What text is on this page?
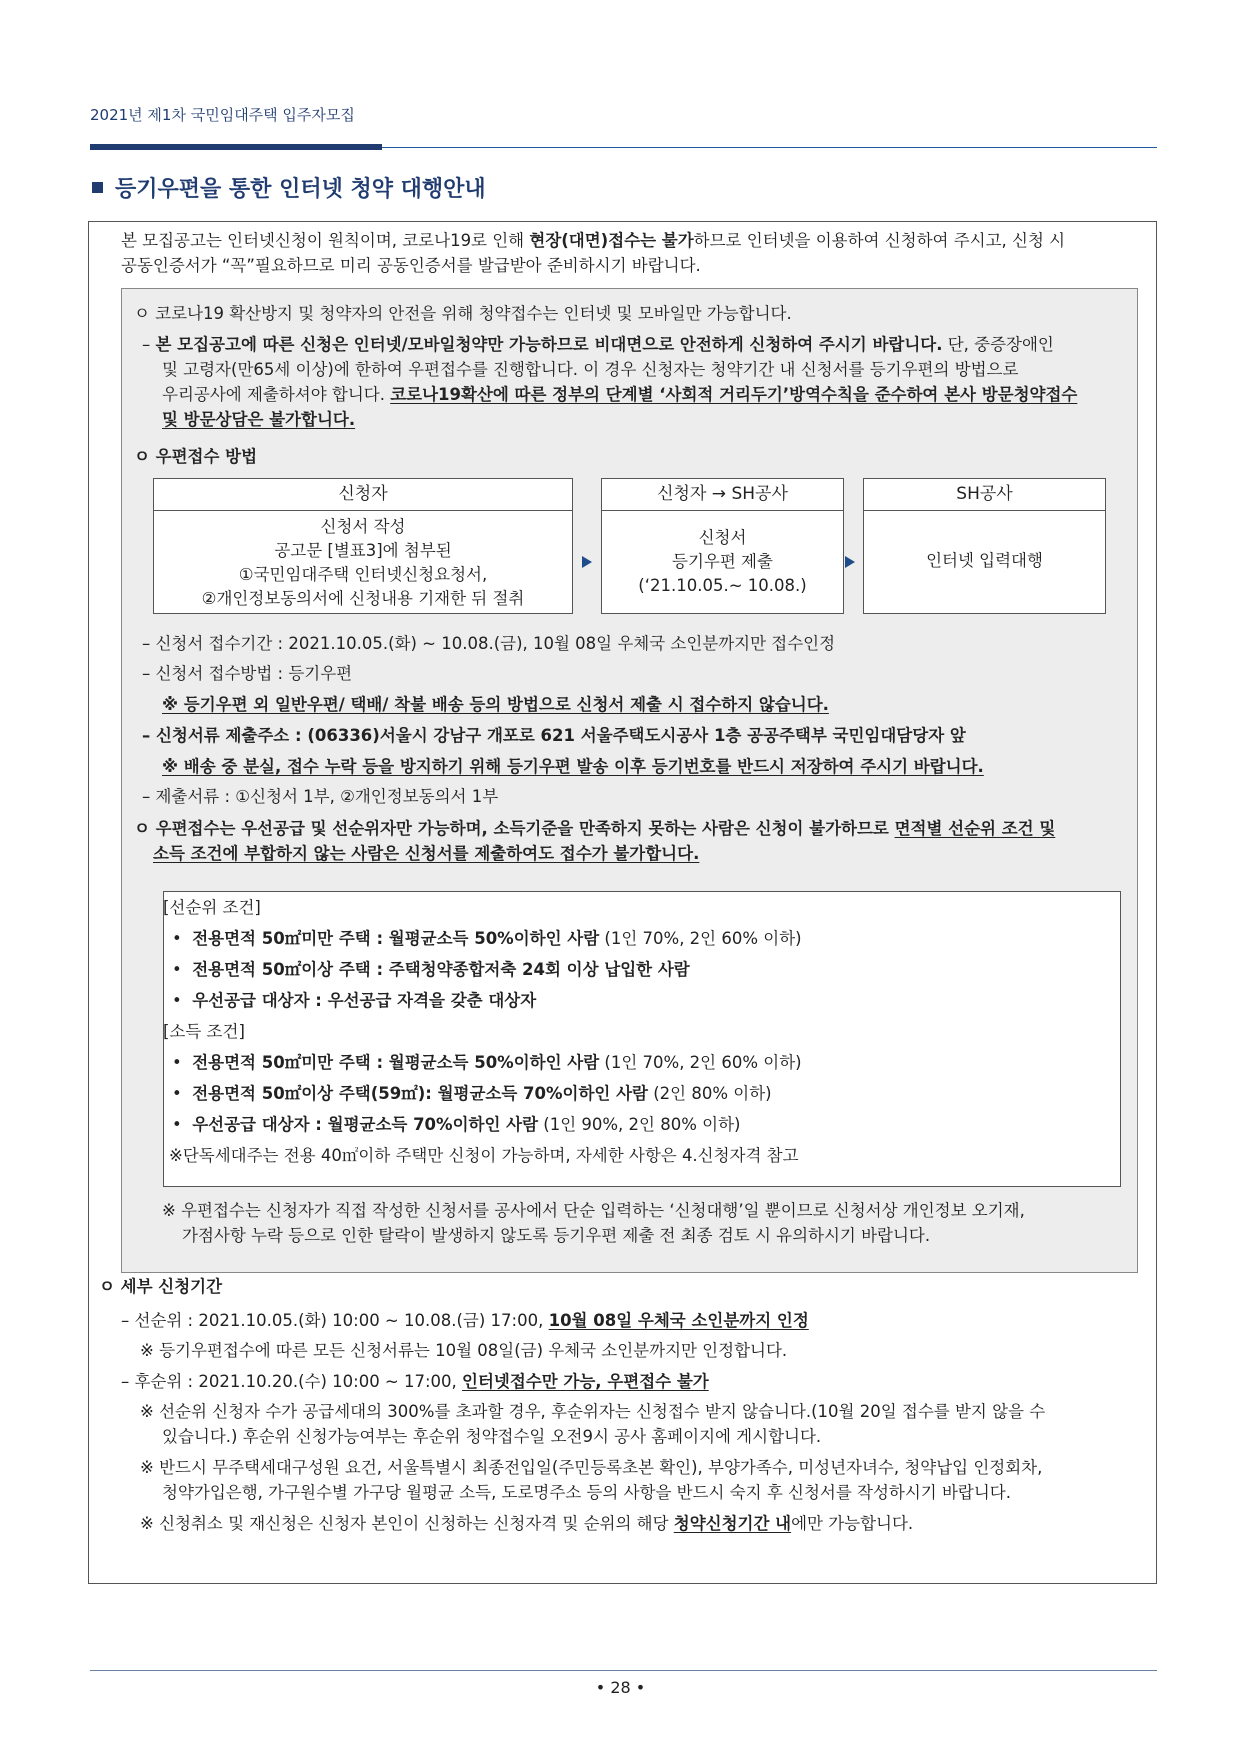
2021년 제1차 국민임대주택 입주자모집
등기우편을 통한 인터넷 청약 대행안내
본 모집공고는 인터넷신청이 원칙이며, 코로나19로 인해 현장(대면)접수는 불가하므로 인터넷을 이용하여 신청하여 주시고, 신청 시
공동인증서가 “꼭”필요하므로 미리 공동인증서를 발급받아 준비하시기 바랍니다.
ㅇ 코로나19 확산방지 및 청약자의 안전을 위해 청약접수는 인터넷 및 모바일만 가능합니다.
– 본 모집공고에 따른 신청은 인터넷/모바일청약만 가능하므로 비대면으로 안전하게 신청하여 주시기 바랍니다. 단, 중증장애인
및 고령자(만65세 이상)에 한하여 우편접수를 진행합니다. 이 경우 신청자는 청약기간 내 신청서를 등기우편의 방법으로
우리공사에 제출하셔야 합니다. 코로나19확산에 따른 정부의 단계별 ‘사회적 거리두기’방역수칙을 준수하여 본사 방문청약접수
및 방문상담은 불가합니다.
ㅇ 우편접수 방법
신청자
신청서 작성
공고문 [별표3]에 첨부된
①국민임대주택 인터넷신청요청서,
②개인정보동의서에 신청내용 기재한 뒤 절취
신청자 → SH공사
신청서
등기우편 제출
(‘21.10.05.~ 10.08.)
SH공사
인터넷 입력대행
– 신청서 접수기간 : 2021.10.05.(화) ~ 10.08.(금), 10월 08일 우체국 소인분까지만 접수인정
– 신청서 접수방법 : 등기우편
※ 등기우편 외 일반우편/ 택배/ 착불 배송 등의 방법으로 신청서 제출 시 접수하지 않습니다.
– 신청서류 제출주소 : (06336)서울시 강남구 개포로 621 서울주택도시공사 1층 공공주택부 국민임대담당자 앞
※ 배송 중 분실, 접수 누락 등을 방지하기 위해 등기우편 발송 이후 등기번호를 반드시 저장하여 주시기 바랍니다.
– 제출서류 : ①신청서 1부, ②개인정보동의서 1부
ㅇ 우편접수는 우선공급 및 선순위자만 가능하며, 소득기준을 만족하지 못하는 사람은 신청이 불가하므로 면적별 선순위 조건 및
소득 조건에 부합하지 않는 사람은 신청서를 제출하여도 접수가 불가합니다.
[선순위 조건]
•  전용면적 50㎡미만 주택 : 월평균소득 50%이하인 사람 (1인 70%, 2인 60% 이하)
•  전용면적 50㎡이상 주택 : 주택청약종합저축 24회 이상 납입한 사람
•  우선공급 대상자 : 우선공급 자격을 갖춘 대상자
[소득 조건]
•  전용면적 50㎡미만 주택 : 월평균소득 50%이하인 사람 (1인 70%, 2인 60% 이하)
•  전용면적 50㎡이상 주택(59㎡): 월평균소득 70%이하인 사람 (2인 80% 이하)
•  우선공급 대상자 : 월평균소득 70%이하인 사람 (1인 90%, 2인 80% 이하)
※단독세대주는 전용 40㎡이하 주택만 신청이 가능하며, 자세한 사항은 4.신청자격 참고
※ 우편접수는 신청자가 직접 작성한 신청서를 공사에서 단순 입력하는 ‘신청대행’일 뿐이므로 신청서상 개인정보 오기재,
가점사항 누락 등으로 인한 탈락이 발생하지 않도록 등기우편 제출 전 최종 검토 시 유의하시기 바랍니다.
ㅇ 세부 신청기간
– 선순위 : 2021.10.05.(화) 10:00 ~ 10.08.(금) 17:00, 10월 08일 우체국 소인분까지 인정
※ 등기우편접수에 따른 모든 신청서류는 10월 08일(금) 우체국 소인분까지만 인정합니다.
– 후순위 : 2021.10.20.(수) 10:00 ~ 17:00, 인터넷접수만 가능, 우편접수 불가
※ 선순위 신청자 수가 공급세대의 300%를 초과할 경우, 후순위자는 신청접수 받지 않습니다.(10월 20일 접수를 받지 않을 수
있습니다.) 후순위 신청가능여부는 후순위 청약접수일 오전9시 공사 홈페이지에 게시합니다.
※ 반드시 무주택세대구성원 요건, 서울특별시 최종전입일(주민등록초본 확인), 부양가족수, 미성년자녀수, 청약납입 인정회차,
청약가입은행, 가구원수별 가구당 월평균 소득, 도로명주소 등의 사항을 반드시 숙지 후 신청서를 작성하시기 바랍니다.
※ 신청취소 및 재신청은 신청자 본인이 신청하는 신청자격 및 순위의 해당 청약신청기간 내에만 가능합니다.
• 28 •
